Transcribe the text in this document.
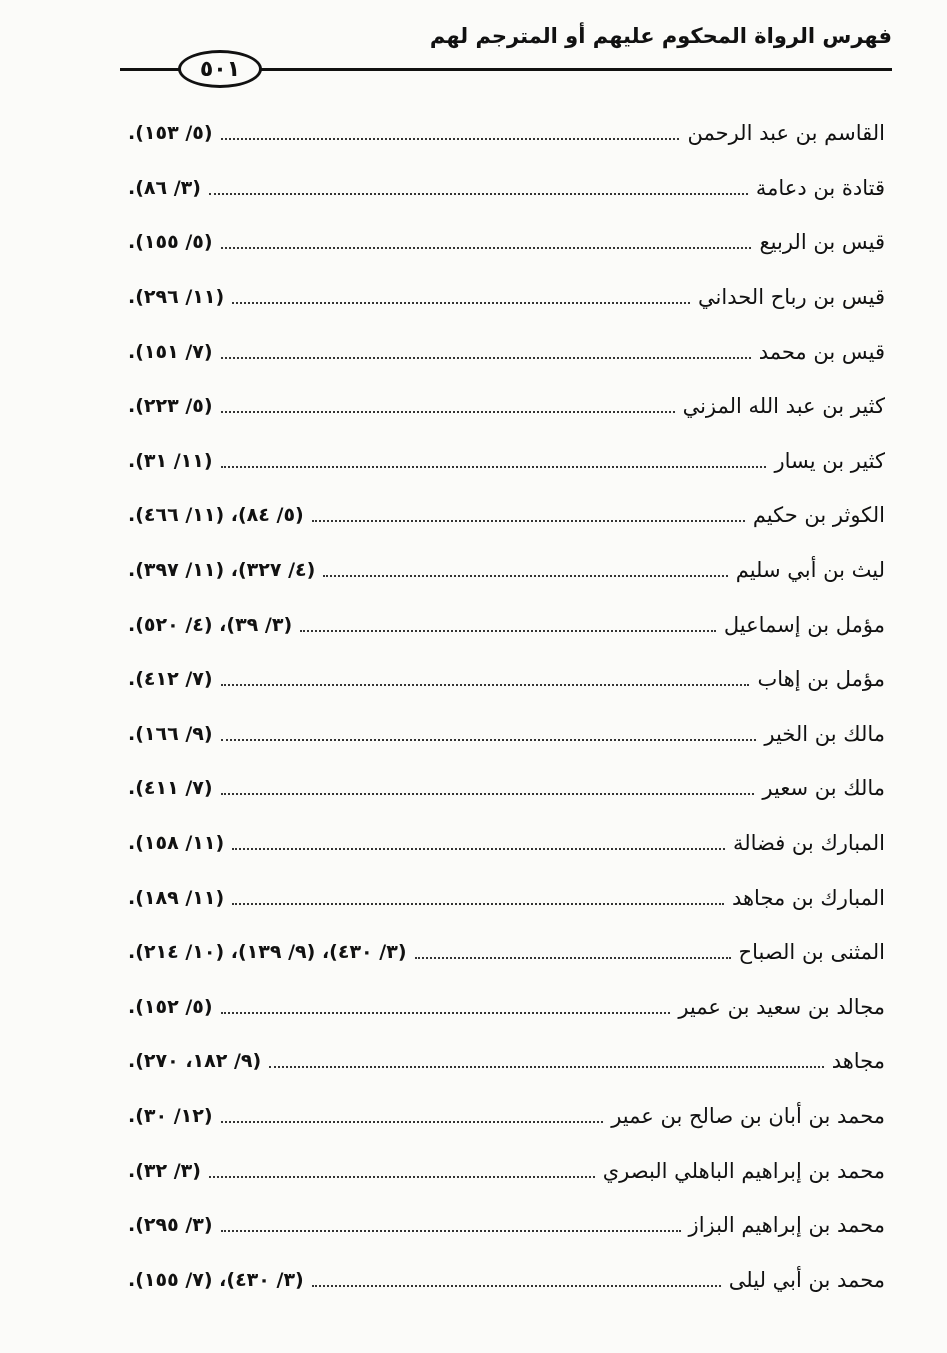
فهرس الرواة المحكوم عليهم أو المترجم لهم
٥٠١
القاسم بن عبد الرحمن
(٥/ ١٥٣).
قتادة بن دعامة
(٣/ ٨٦).
قيس بن الربيع
(٥/ ١٥٥).
قيس بن رباح الحداني
(١١/ ٢٩٦).
قيس بن محمد
(٧/ ١٥١).
كثير بن عبد الله المزني
(٥/ ٢٢٣).
كثير بن يسار
(١١/ ٣١).
الكوثر بن حكيم
(٥/ ٨٤)، (١١/ ٤٦٦).
ليث بن أبي سليم
(٤/ ٣٢٧)، (١١/ ٣٩٧).
مؤمل بن إسماعيل
(٣/ ٣٩)، (٤/ ٥٢٠).
مؤمل بن إهاب
(٧/ ٤١٢).
مالك بن الخير
(٩/ ١٦٦).
مالك بن سعير
(٧/ ٤١١).
المبارك بن فضالة
(١١/ ١٥٨).
المبارك بن مجاهد
(١١/ ١٨٩).
المثنى بن الصباح
(٣/ ٤٣٠)، (٩/ ١٣٩)، (١٠/ ٢١٤).
مجالد بن سعيد بن عمير
(٥/ ١٥٢).
مجاهد
(٩/ ١٨٢، ٢٧٠).
محمد بن أبان بن صالح بن عمير
(١٢/ ٣٠).
محمد بن إبراهيم الباهلي البصري
(٣/ ٣٢).
محمد بن إبراهيم البزاز
(٣/ ٢٩٥).
محمد بن أبي ليلى
(٣/ ٤٣٠)، (٧/ ١٥٥).
